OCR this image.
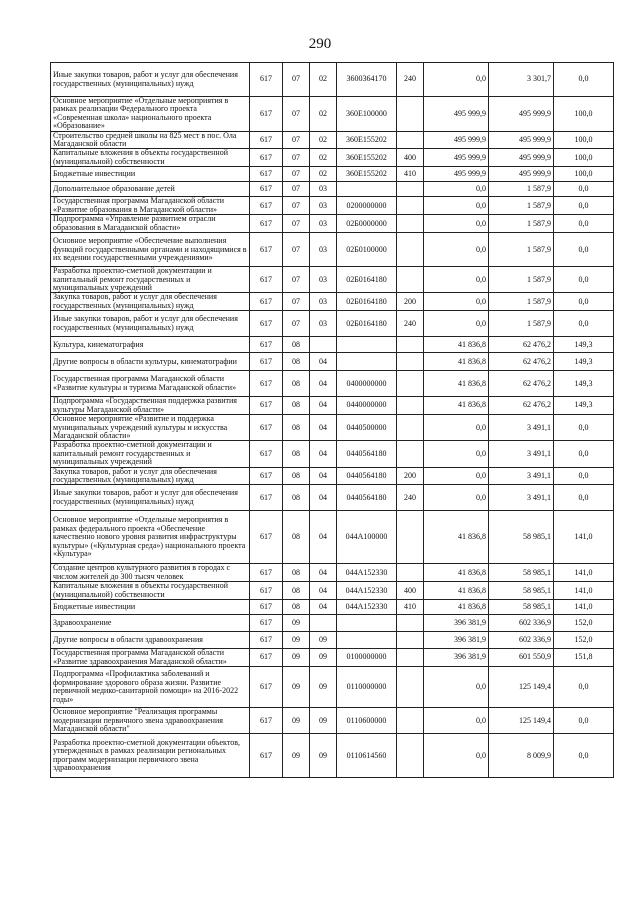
290
Иные закупки товаров, работ и услуг для обеспечения государственных (муниципальных) нужд	617	07	02	3600364170	240	0,0	3 301,7	0,0
Основное мероприятие «Отдельные мероприятия в рамках реализации Федерального проекта «Современная школа» национального проекта «Образование»	617	07	02	360E100000		495 999,9	495 999,9	100,0
Строительство средней школы на 825 мест в пос. Ола Магаданской области	617	07	02	360E155202		495 999,9	495 999,9	100,0
Капитальные вложения в объекты государственной (муниципальной) собственности	617	07	02	360E155202	400	495 999,9	495 999,9	100,0
Бюджетные инвестиции	617	07	02	360E155202	410	495 999,9	495 999,9	100,0
Дополнительное образование детей	617	07	03			0,0	1 587,9	0,0
Государственная программа Магаданской области «Развитие образования в Магаданской области»	617	07	03	0200000000		0,0	1 587,9	0,0
Подпрограмма «Управление развитием отрасли образования в Магаданской области»	617	07	03	02Б0000000		0,0	1 587,9	0,0
Основное мероприятие «Обеспечение выполнения функций государственными органами и находящимися в их ведении государственными учреждениями»	617	07	03	02Б0100000		0,0	1 587,9	0,0
Разработка проектно-сметной документации и капитальный ремонт государственных и муниципальных учреждений	617	07	03	02Б0164180		0,0	1 587,9	0,0
Закупка товаров, работ и услуг для обеспечения государственных (муниципальных) нужд	617	07	03	02Б0164180	200	0,0	1 587,9	0,0
Иные закупки товаров, работ и услуг для обеспечения государственных (муниципальных) нужд	617	07	03	02Б0164180	240	0,0	1 587,9	0,0
Культура, кинематография	617	08				41 836,8	62 476,2	149,3
Другие вопросы в области культуры, кинематографии	617	08	04			41 836,8	62 476,2	149,3
Государственная программа Магаданской области «Развитие культуры и туризма Магаданской области»	617	08	04	0400000000		41 836,8	62 476,2	149,3
Подпрограмма «Государственная поддержка развития культуры Магаданской области»	617	08	04	0440000000		41 836,8	62 476,2	149,3
Основное мероприятие «Развитие и поддержка муниципальных учреждений культуры и искусства Магаданской области»	617	08	04	0440500000		0,0	3 491,1	0,0
Разработка проектно-сметной документации и капитальный ремонт государственных и муниципальных учреждений	617	08	04	0440564180		0,0	3 491,1	0,0
Закупка товаров, работ и услуг для обеспечения государственных (муниципальных) нужд	617	08	04	0440564180	200	0,0	3 491,1	0,0
Иные закупки товаров, работ и услуг для обеспечения государственных (муниципальных) нужд	617	08	04	0440564180	240	0,0	3 491,1	0,0
Основное мероприятие «Отдельные мероприятия в рамках федерального проекта «Обеспечение качественно нового уровня развития инфраструктуры культуры» («Культурная среда») национального проекта «Культура»	617	08	04	044A100000		41 836,8	58 985,1	141,0
Создание центров культурного развития в городах с числом жителей до 300 тысяч человек	617	08	04	044A152330		41 836,8	58 985,1	141,0
Капитальные вложения в объекты государственной (муниципальной) собственности	617	08	04	044A152330	400	41 836,8	58 985,1	141,0
Бюджетные инвестиции	617	08	04	044A152330	410	41 836,8	58 985,1	141,0
Здравоохранение	617	09				396 381,9	602 336,9	152,0
Другие вопросы в области здравоохранения	617	09	09			396 381,9	602 336,9	152,0
Государственная программа Магаданской области «Развитие здравоохранения Магаданской области»	617	09	09	0100000000		396 381,9	601 550,9	151,8
Подпрограмма «Профилактика заболеваний и формирование здорового образа жизни. Развитие первичной медико-санитарной помощи» на 2016-2022 годы»	617	09	09	0110000000		0,0	125 149,4	0,0
Основное мероприятие "Реализация программы модернизации первичного звена здравоохранения Магаданской области"	617	09	09	0110600000		0,0	125 149,4	0,0
Разработка проектно-сметной документации объектов, утвержденных в рамках реализации региональных программ модернизации первичного звена здравоохранения	617	09	09	0110614560		0,0	8 009,9	0,0
